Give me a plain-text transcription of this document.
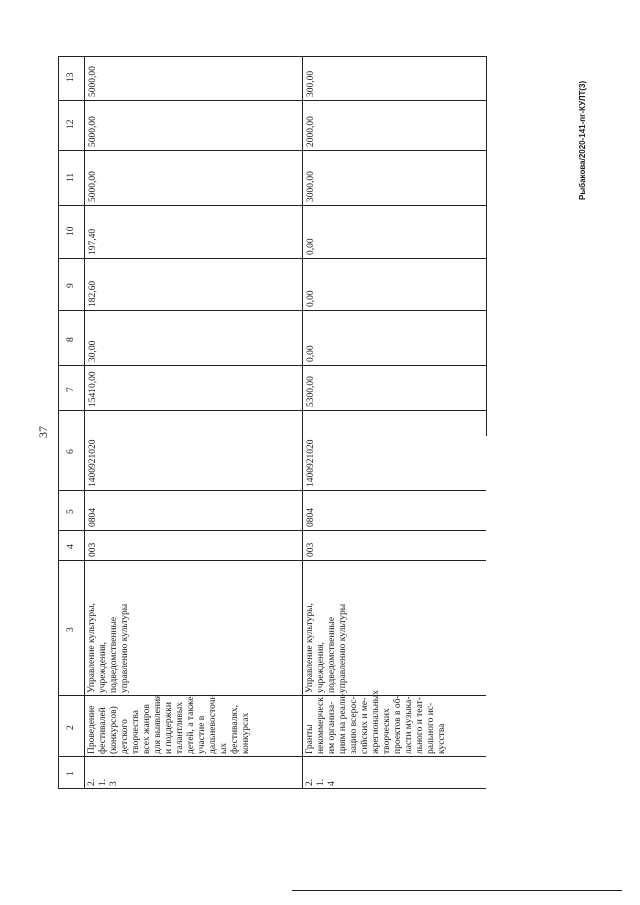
1
2
3
4
5
6
7
8
9
10
11
12
13
2. 1. 3
Проведение фестивалей (конкурсов) детского творчества всех жанров для выявления и поддержки талантливых детей, а также участие в дальневосточн ых фестивалях, конкурсах
Управление культуры, учреждения, подведомственные управлению культуры
003
0804
1400921020
15410,00
30,00
182,60
197,40
5000,00
5000,00
5000,00
2. 1. 4
Гранты некоммерческ им организа- циям на реали- зацию всерос- сийских и ме- жрегиональных творческих проектов в об- ласти музыка- льного и теат- рального ис- кусства
Управление культуры, учреждения, подведомственные управлению культуры
003
0804
1400921020
5300,00
0,00
0,00
0,00
3000,00
2000,00
300,00
37
Рыбакова/2020-141-пг-КУЛТ(3)
